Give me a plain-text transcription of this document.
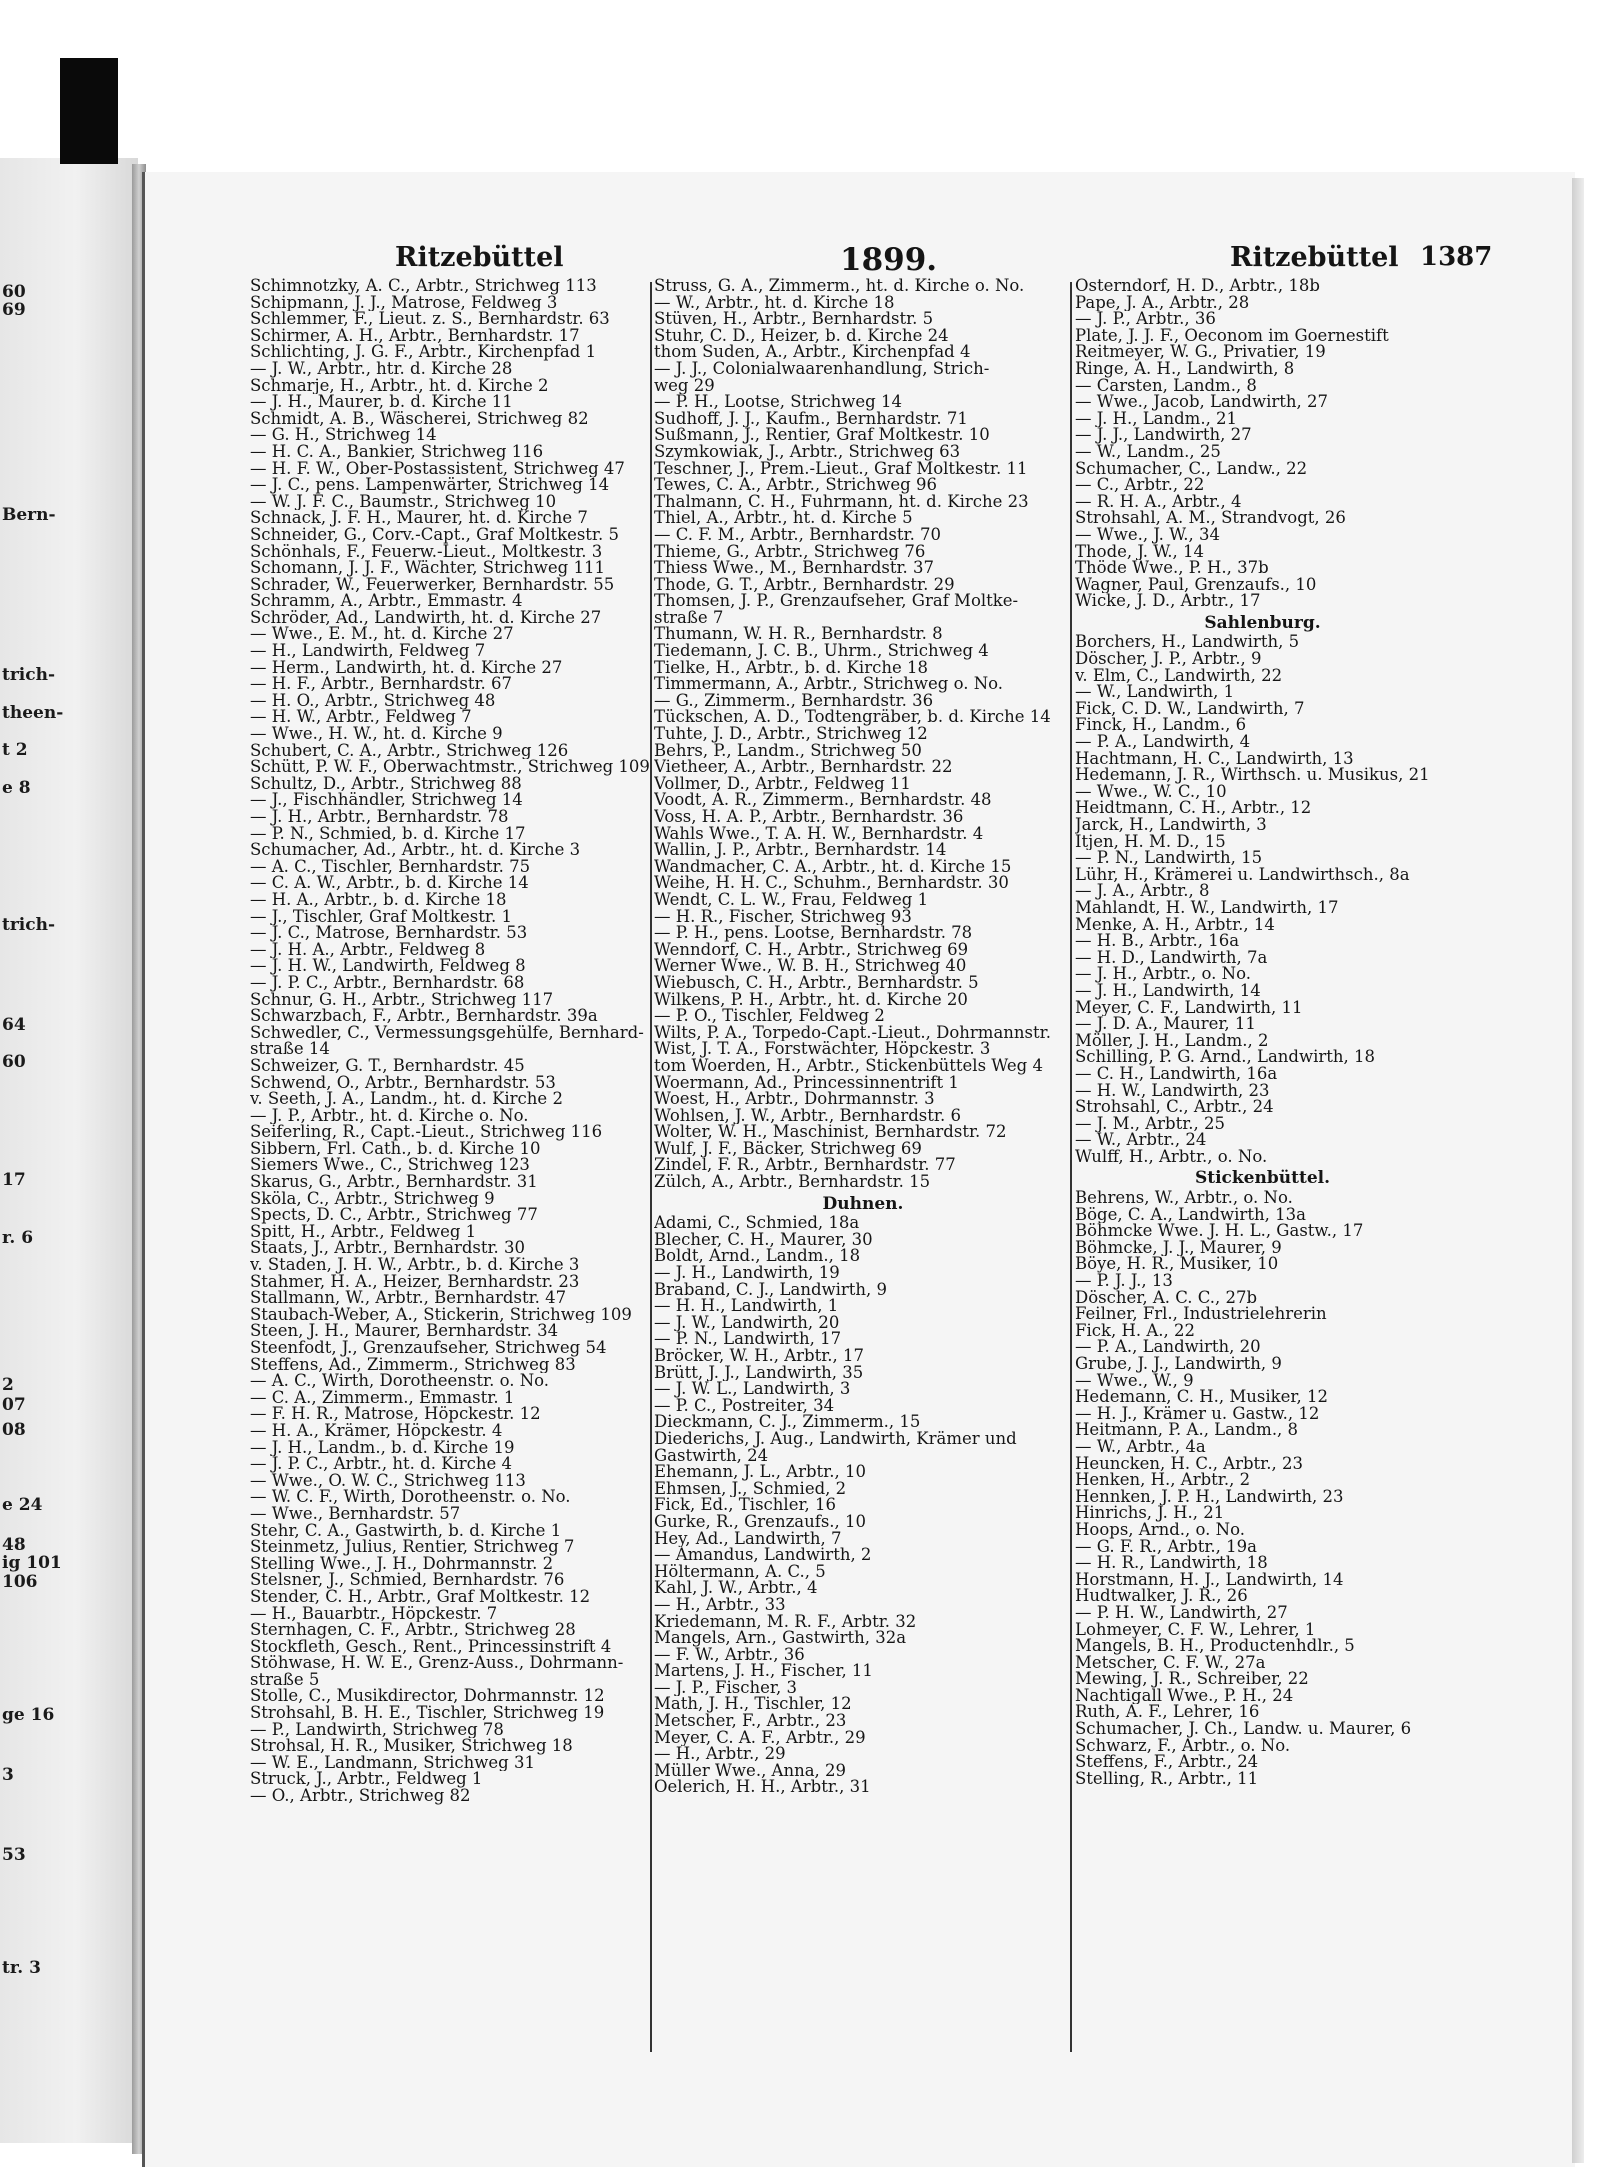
60
69
Bern-
trich-
theen-
t 2
e 8
trich-
64
60
17
r. 6
2
07
08
e 24
48
ig 101
106
ge 16
3
53
tr. 3
Ritzebüttel	1899.	Ritzebüttel 1387
Schimnotzky, A. C., Arbtr., Strichweg 113
Schipmann, J. J., Matrose, Feldweg 3
Schlemmer, F., Lieut. z. S., Bernhardstr. 63
Schirmer, A. H., Arbtr., Bernhardstr. 17
Schlichting, J. G. F., Arbtr., Kirchenpfad 1
— J. W., Arbtr., htr. d. Kirche 28
Schmarje, H., Arbtr., ht. d. Kirche 2
— J. H., Maurer, b. d. Kirche 11
Schmidt, A. B., Wäscherei, Strichweg 82
— G. H., Strichweg 14
— H. C. A., Bankier, Strichweg 116
— H. F. W., Ober-Postassistent, Strichweg 47
— J. C., pens. Lampenwärter, Strichweg 14
— W. J. F. C., Baumstr., Strichweg 10
Schnack, J. F. H., Maurer, ht. d. Kirche 7
Schneider, G., Corv.-Capt., Graf Moltkestr. 5
Schönhals, F., Feuerw.-Lieut., Moltkestr. 3
Schomann, J. J. F., Wächter, Strichweg 111
Schrader, W., Feuerwerker, Bernhardstr. 55
Schramm, A., Arbtr., Emmastr. 4
Schröder, Ad., Landwirth, ht. d. Kirche 27
— Wwe., E. M., ht. d. Kirche 27
— H., Landwirth, Feldweg 7
— Herm., Landwirth, ht. d. Kirche 27
— H. F., Arbtr., Bernhardstr. 67
— H. O., Arbtr., Strichweg 48
— H. W., Arbtr., Feldweg 7
— Wwe., H. W., ht. d. Kirche 9
Schubert, C. A., Arbtr., Strichweg 126
Schütt, P. W. F., Oberwachtmstr., Strichweg 109
Schultz, D., Arbtr., Strichweg 88
— J., Fischhändler, Strichweg 14
— J. H., Arbtr., Bernhardstr. 78
— P. N., Schmied, b. d. Kirche 17
Schumacher, Ad., Arbtr., ht. d. Kirche 3
— A. C., Tischler, Bernhardstr. 75
— C. A. W., Arbtr., b. d. Kirche 14
— H. A., Arbtr., b. d. Kirche 18
— J., Tischler, Graf Moltkestr. 1
— J. C., Matrose, Bernhardstr. 53
— J. H. A., Arbtr., Feldweg 8
— J. H. W., Landwirth, Feldweg 8
— J. P. C., Arbtr., Bernhardstr. 68
Schnur, G. H., Arbtr., Strichweg 117
Schwarzbach, F., Arbtr., Bernhardstr. 39a
Schwedler, C., Vermessungsgehülfe, Bernhard-
straße 14
Schweizer, G. T., Bernhardstr. 45
Schwend, O., Arbtr., Bernhardstr. 53
v. Seeth, J. A., Landm., ht. d. Kirche 2
— J. P., Arbtr., ht. d. Kirche o. No.
Seiferling, R., Capt.-Lieut., Strichweg 116
Sibbern, Frl. Cath., b. d. Kirche 10
Siemers Wwe., C., Strichweg 123
Skarus, G., Arbtr., Bernhardstr. 31
Sköla, C., Arbtr., Strichweg 9
Spects, D. C., Arbtr., Strichweg 77
Spitt, H., Arbtr., Feldweg 1
Staats, J., Arbtr., Bernhardstr. 30
v. Staden, J. H. W., Arbtr., b. d. Kirche 3
Stahmer, H. A., Heizer, Bernhardstr. 23
Stallmann, W., Arbtr., Bernhardstr. 47
Staubach-Weber, A., Stickerin, Strichweg 109
Steen, J. H., Maurer, Bernhardstr. 34
Steenfodt, J., Grenzaufseher, Strichweg 54
Steffens, Ad., Zimmerm., Strichweg 83
— A. C., Wirth, Dorotheenstr. o. No.
— C. A., Zimmerm., Emmastr. 1
— F. H. R., Matrose, Höpckestr. 12
— H. A., Krämer, Höpckestr. 4
— J. H., Landm., b. d. Kirche 19
— J. P. C., Arbtr., ht. d. Kirche 4
— Wwe., O. W. C., Strichweg 113
— W. C. F., Wirth, Dorotheenstr. o. No.
— Wwe., Bernhardstr. 57
Stehr, C. A., Gastwirth, b. d. Kirche 1
Steinmetz, Julius, Rentier, Strichweg 7
Stelling Wwe., J. H., Dohrmannstr. 2
Stelsner, J., Schmied, Bernhardstr. 76
Stender, C. H., Arbtr., Graf Moltkestr. 12
— H., Bauarbtr., Höpckestr. 7
Sternhagen, C. F., Arbtr., Strichweg 28
Stockfleth, Gesch., Rent., Princessinstrift 4
Stöhwase, H. W. E., Grenz-Auss., Dohrmann-
straße 5
Stolle, C., Musikdirector, Dohrmannstr. 12
Strohsahl, B. H. E., Tischler, Strichweg 19
— P., Landwirth, Strichweg 78
Strohsal, H. R., Musiker, Strichweg 18
— W. E., Landmann, Strichweg 31
Struck, J., Arbtr., Feldweg 1
— O., Arbtr., Strichweg 82
Struss, G. A., Zimmerm., ht. d. Kirche o. No.
— W., Arbtr., ht. d. Kirche 18
Stüven, H., Arbtr., Bernhardstr. 5
Stuhr, C. D., Heizer, b. d. Kirche 24
thom Suden, A., Arbtr., Kirchenpfad 4
— J. J., Colonialwaarenhandlung, Strich-
weg 29
— P. H., Lootse, Strichweg 14
Sudhoff, J. J., Kaufm., Bernhardstr. 71
Sußmann, J., Rentier, Graf Moltkestr. 10
Szymkowiak, J., Arbtr., Strichweg 63
Teschner, J., Prem.-Lieut., Graf Moltkestr. 11
Tewes, C. A., Arbtr., Strichweg 96
Thalmann, C. H., Fuhrmann, ht. d. Kirche 23
Thiel, A., Arbtr., ht. d. Kirche 5
— C. F. M., Arbtr., Bernhardstr. 70
Thieme, G., Arbtr., Strichweg 76
Thiess Wwe., M., Bernhardstr. 37
Thode, G. T., Arbtr., Bernhardstr. 29
Thomsen, J. P., Grenzaufseher, Graf Moltke-
straße 7
Thumann, W. H. R., Bernhardstr. 8
Tiedemann, J. C. B., Uhrm., Strichweg 4
Tielke, H., Arbtr., b. d. Kirche 18
Timmermann, A., Arbtr., Strichweg o. No.
— G., Zimmerm., Bernhardstr. 36
Tückschen, A. D., Todtengräber, b. d. Kirche 14
Tuhte, J. D., Arbtr., Strichweg 12
Behrs, P., Landm., Strichweg 50
Vietheer, A., Arbtr., Bernhardstr. 22
Vollmer, D., Arbtr., Feldweg 11
Voodt, A. R., Zimmerm., Bernhardstr. 48
Voss, H. A. P., Arbtr., Bernhardstr. 36
Wahls Wwe., T. A. H. W., Bernhardstr. 4
Wallin, J. P., Arbtr., Bernhardstr. 14
Wandmacher, C. A., Arbtr., ht. d. Kirche 15
Weihe, H. H. C., Schuhm., Bernhardstr. 30
Wendt, C. L. W., Frau, Feldweg 1
— H. R., Fischer, Strichweg 93
— P. H., pens. Lootse, Bernhardstr. 78
Wenndorf, C. H., Arbtr., Strichweg 69
Werner Wwe., W. B. H., Strichweg 40
Wiebusch, C. H., Arbtr., Bernhardstr. 5
Wilkens, P. H., Arbtr., ht. d. Kirche 20
— P. O., Tischler, Feldweg 2
Wilts, P. A., Torpedo-Capt.-Lieut., Dohrmannstr.
Wist, J. T. A., Forstwächter, Höpckestr. 3
tom Woerden, H., Arbtr., Stickenbüttels Weg 4
Woermann, Ad., Princessinnentrift 1
Woest, H., Arbtr., Dohrmannstr. 3
Wohlsen, J. W., Arbtr., Bernhardstr. 6
Wolter, W. H., Maschinist, Bernhardstr. 72
Wulf, J. F., Bäcker, Strichweg 69
Zindel, F. R., Arbtr., Bernhardstr. 77
Zülch, A., Arbtr., Bernhardstr. 15
Duhnen.
Adami, C., Schmied, 18a
Blecher, C. H., Maurer, 30
Boldt, Arnd., Landm., 18
— J. H., Landwirth, 19
Braband, C. J., Landwirth, 9
— H. H., Landwirth, 1
— J. W., Landwirth, 20
— P. N., Landwirth, 17
Bröcker, W. H., Arbtr., 17
Brütt, J. J., Landwirth, 35
— J. W. L., Landwirth, 3
— P. C., Postreiter, 34
Dieckmann, C. J., Zimmerm., 15
Diederichs, J. Aug., Landwirth, Krämer und
Gastwirth, 24
Ehemann, J. L., Arbtr., 10
Ehmsen, J., Schmied, 2
Fick, Ed., Tischler, 16
Gurke, R., Grenzaufs., 10
Hey, Ad., Landwirth, 7
— Amandus, Landwirth, 2
Höltermann, A. C., 5
Kahl, J. W., Arbtr., 4
— H., Arbtr., 33
Kriedemann, M. R. F., Arbtr. 32
Mangels, Arn., Gastwirth, 32a
— F. W., Arbtr., 36
Martens, J. H., Fischer, 11
— J. P., Fischer, 3
Math, J. H., Tischler, 12
Metscher, F., Arbtr., 23
Meyer, C. A. F., Arbtr., 29
— H., Arbtr., 29
Müller Wwe., Anna, 29
Oelerich, H. H., Arbtr., 31
Osterndorf, H. D., Arbtr., 18b
Pape, J. A., Arbtr., 28
— J. P., Arbtr., 36
Plate, J. J. F., Oeconom im Goernestift
Reitmeyer, W. G., Privatier, 19
Ringe, A. H., Landwirth, 8
— Carsten, Landm., 8
— Wwe., Jacob, Landwirth, 27
— J. H., Landm., 21
— J. J., Landwirth, 27
— W., Landm., 25
Schumacher, C., Landw., 22
— C., Arbtr., 22
— R. H. A., Arbtr., 4
Strohsahl, A. M., Strandvogt, 26
— Wwe., J. W., 34
Thode, J. W., 14
Thöde Wwe., P. H., 37b
Wagner, Paul, Grenzaufs., 10
Wicke, J. D., Arbtr., 17
Sahlenburg.
Borchers, H., Landwirth, 5
Döscher, J. P., Arbtr., 9
v. Elm, C., Landwirth, 22
— W., Landwirth, 1
Fick, C. D. W., Landwirth, 7
Finck, H., Landm., 6
— P. A., Landwirth, 4
Hachtmann, H. C., Landwirth, 13
Hedemann, J. R., Wirthsch. u. Musikus, 21
— Wwe., W. C., 10
Heidtmann, C. H., Arbtr., 12
Jarck, H., Landwirth, 3
Itjen, H. M. D., 15
— P. N., Landwirth, 15
Lühr, H., Krämerei u. Landwirthsch., 8a
— J. A., Arbtr., 8
Mahlandt, H. W., Landwirth, 17
Menke, A. H., Arbtr., 14
— H. B., Arbtr., 16a
— H. D., Landwirth, 7a
— J. H., Arbtr., o. No.
— J. H., Landwirth, 14
Meyer, C. F., Landwirth, 11
— J. D. A., Maurer, 11
Möller, J. H., Landm., 2
Schilling, P. G. Arnd., Landwirth, 18
— C. H., Landwirth, 16a
— H. W., Landwirth, 23
Strohsahl, C., Arbtr., 24
— J. M., Arbtr., 25
— W., Arbtr., 24
Wulff, H., Arbtr., o. No.
Stickenbüttel.
Behrens, W., Arbtr., o. No.
Böge, C. A., Landwirth, 13a
Böhmcke Wwe. J. H. L., Gastw., 17
Böhmcke, J. J., Maurer, 9
Böye, H. R., Musiker, 10
— P. J. J., 13
Döscher, A. C. C., 27b
Feilner, Frl., Industrielehrerin
Fick, H. A., 22
— P. A., Landwirth, 20
Grube, J. J., Landwirth, 9
— Wwe., W., 9
Hedemann, C. H., Musiker, 12
— H. J., Krämer u. Gastw., 12
Heitmann, P. A., Landm., 8
— W., Arbtr., 4a
Heuncken, H. C., Arbtr., 23
Henken, H., Arbtr., 2
Hennken, J. P. H., Landwirth, 23
Hinrichs, J. H., 21
Hoops, Arnd., o. No.
— G. F. R., Arbtr., 19a
— H. R., Landwirth, 18
Horstmann, H. J., Landwirth, 14
Hudtwalker, J. R., 26
— P. H. W., Landwirth, 27
Lohmeyer, C. F. W., Lehrer, 1
Mangels, B. H., Productenhdlr., 5
Metscher, C. F. W., 27a
Mewing, J. R., Schreiber, 22
Nachtigall Wwe., P. H., 24
Ruth, A. F., Lehrer, 16
Schumacher, J. Ch., Landw. u. Maurer, 6
Schwarz, F., Arbtr., o. No.
Steffens, F., Arbtr., 24
Stelling, R., Arbtr., 11
